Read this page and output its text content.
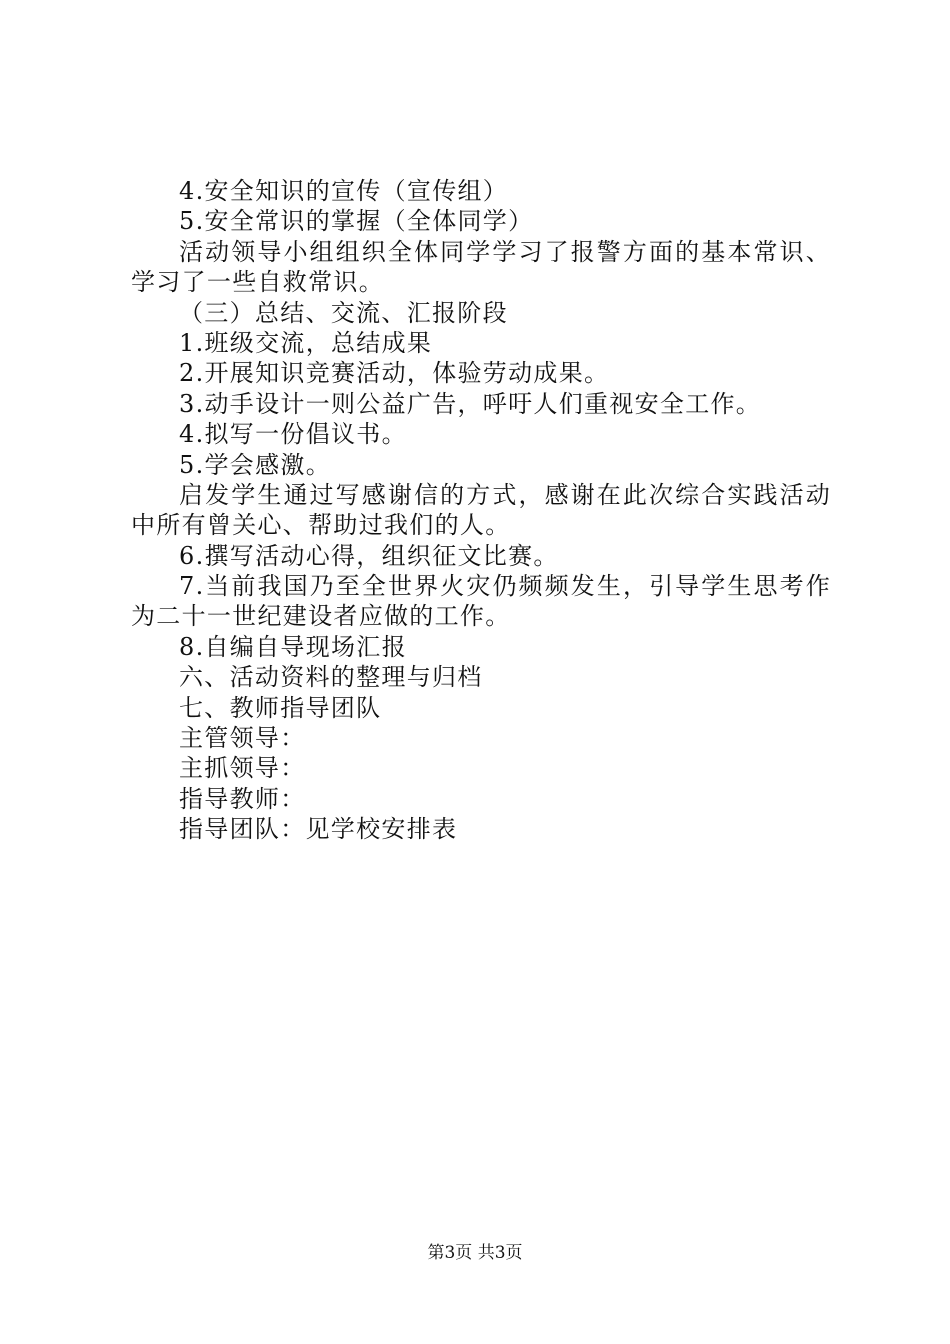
4.安全知识的宣传（宣传组）
5.安全常识的掌握（全体同学）
活动领导小组组织全体同学学习了报警方面的基本常识、
学习了一些自救常识。
（三）总结、交流、汇报阶段
1.班级交流，总结成果
2.开展知识竞赛活动，体验劳动成果。
3.动手设计一则公益广告，呼吁人们重视安全工作。
4.拟写一份倡议书。
5.学会感激。
启发学生通过写感谢信的方式，感谢在此次综合实践活动
中所有曾关心、帮助过我们的人。
6.撰写活动心得，组织征文比赛。
7.当前我国乃至全世界火灾仍频频发生，引导学生思考作
为二十一世纪建设者应做的工作。
8.自编自导现场汇报
六、活动资料的整理与归档
七、教师指导团队
主管领导：
主抓领导：
指导教师：
指导团队：见学校安排表
第3页 共3页
